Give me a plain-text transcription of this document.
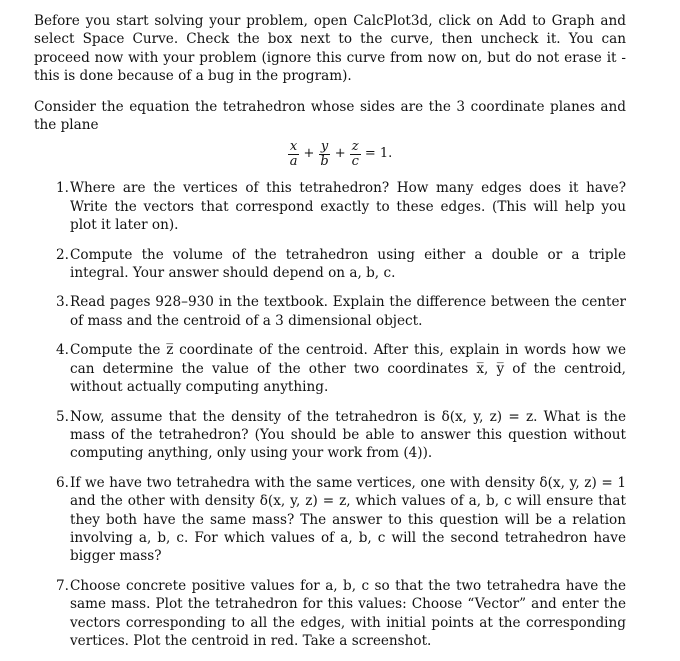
Before you start solving your problem, open CalcPlot3d, click on Add to Graph and select Space Curve. Check the box next to the curve, then uncheck it. You can proceed now with your problem (ignore this curve from now on, but do not erase it -this is done because of a bug in the program).

Consider the equation the tetrahedron whose sides are the 3 coordinate planes and the plane

$\frac{x}{a} + \frac{y}{b} + \frac{z}{c} = 1$.
1. Where are the vertices of this tetrahedron? How many edges does it have? Write the vectors that correspond exactly to these edges. (This will help you plot it later on).
2. Compute the volume of the tetrahedron using either a double or a triple integral. Your answer should depend on a, b, c.
3. Read pages 928–930 in the textbook. Explain the difference between the center of mass and the centroid of a 3 dimensional object.
4. Compute the z̅ coordinate of the centroid. After this, explain in words how we can determine the value of the other two coordinates x̅, y̅ of the centroid, without actually computing anything.
5. Now, assume that the density of the tetrahedron is δ(x, y, z) = z. What is the mass of the tetrahedron? (You should be able to answer this question without computing anything, only using your work from (4)).
6. If we have two tetrahedra with the same vertices, one with density δ(x, y, z) = 1 and the other with density δ(x, y, z) = z, which values of a, b, c will ensure that they both have the same mass? The answer to this question will be a relation involving a, b, c. For which values of a, b, c will the second tetrahedron have bigger mass?
7. Choose concrete positive values for a, b, c so that the two tetrahedra have the same mass. Plot the tetrahedron for this values: Choose “Vector” and enter the vectors corresponding to all the edges, with initial points at the corresponding vertices. Plot the centroid in red. Take a screenshot.
